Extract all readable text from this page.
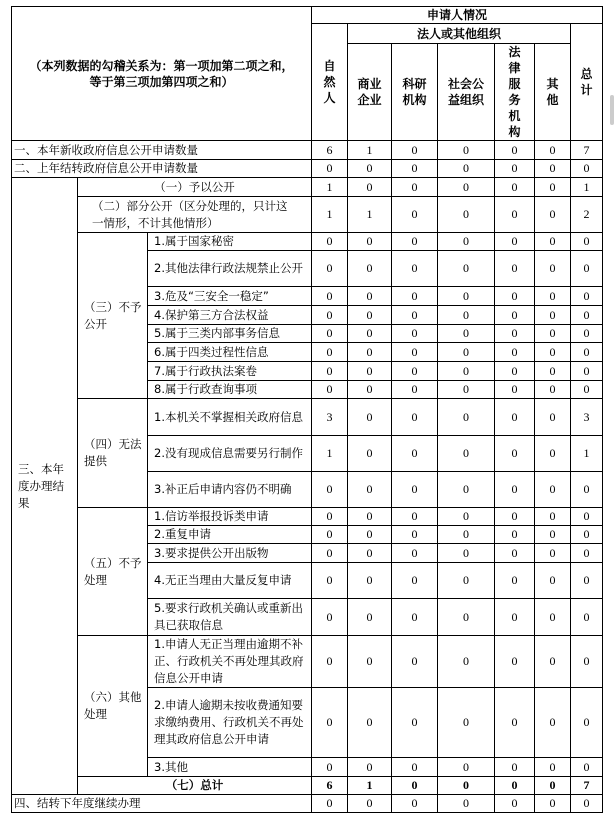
（本列数据的勾稽关系为：第一项加第二项之和，等于第三项加第四项之和）			申请人情况						
			自然人	法人或其他组织					总计
				商业企业	科研机构	社会公益组织	法律服务机构	其他	
一、本年新收政府信息公开申请数量			6	1	0	0	0	0	7
二、上年结转政府信息公开申请数量			0	0	0	0	0	0	0
三、本年度办理结果	（一）予以公开		1	0	0	0	0	0	1
	（二）部分公开（区分处理的，只计这一情形，不计其他情形）		1	1	0	0	0	0	2
	（三）不予公开	1.属于国家秘密	0	0	0	0	0	0	0
		2.其他法律行政法规禁止公开	0	0	0	0	0	0	0
		3.危及“三安全一稳定”	0	0	0	0	0	0	0
		4.保护第三方合法权益	0	0	0	0	0	0	0
		5.属于三类内部事务信息	0	0	0	0	0	0	0
		6.属于四类过程性信息	0	0	0	0	0	0	0
		7.属于行政执法案卷	0	0	0	0	0	0	0
		8.属于行政查询事项	0	0	0	0	0	0	0
	（四）无法提供	1.本机关不掌握相关政府信息	3	0	0	0	0	0	3
		2.没有现成信息需要另行制作	1	0	0	0	0	0	1
		3.补正后申请内容仍不明确	0	0	0	0	0	0	0
	（五）不予处理	1.信访举报投诉类申请	0	0	0	0	0	0	0
		2.重复申请	0	0	0	0	0	0	0
		3.要求提供公开出版物	0	0	0	0	0	0	0
		4.无正当理由大量反复申请	0	0	0	0	0	0	0
		5.要求行政机关确认或重新出具已获取信息	0	0	0	0	0	0	0
	（六）其他处理	1.申请人无正当理由逾期不补正、行政机关不再处理其政府信息公开申请	0	0	0	0	0	0	0
		2.申请人逾期未按收费通知要求缴纳费用、行政机关不再处理其政府信息公开申请	0	0	0	0	0	0	0
		3.其他	0	0	0	0	0	0	0
	（七）总计		6	1	0	0	0	0	7
四、结转下年度继续办理			0	0	0	0	0	0	0
